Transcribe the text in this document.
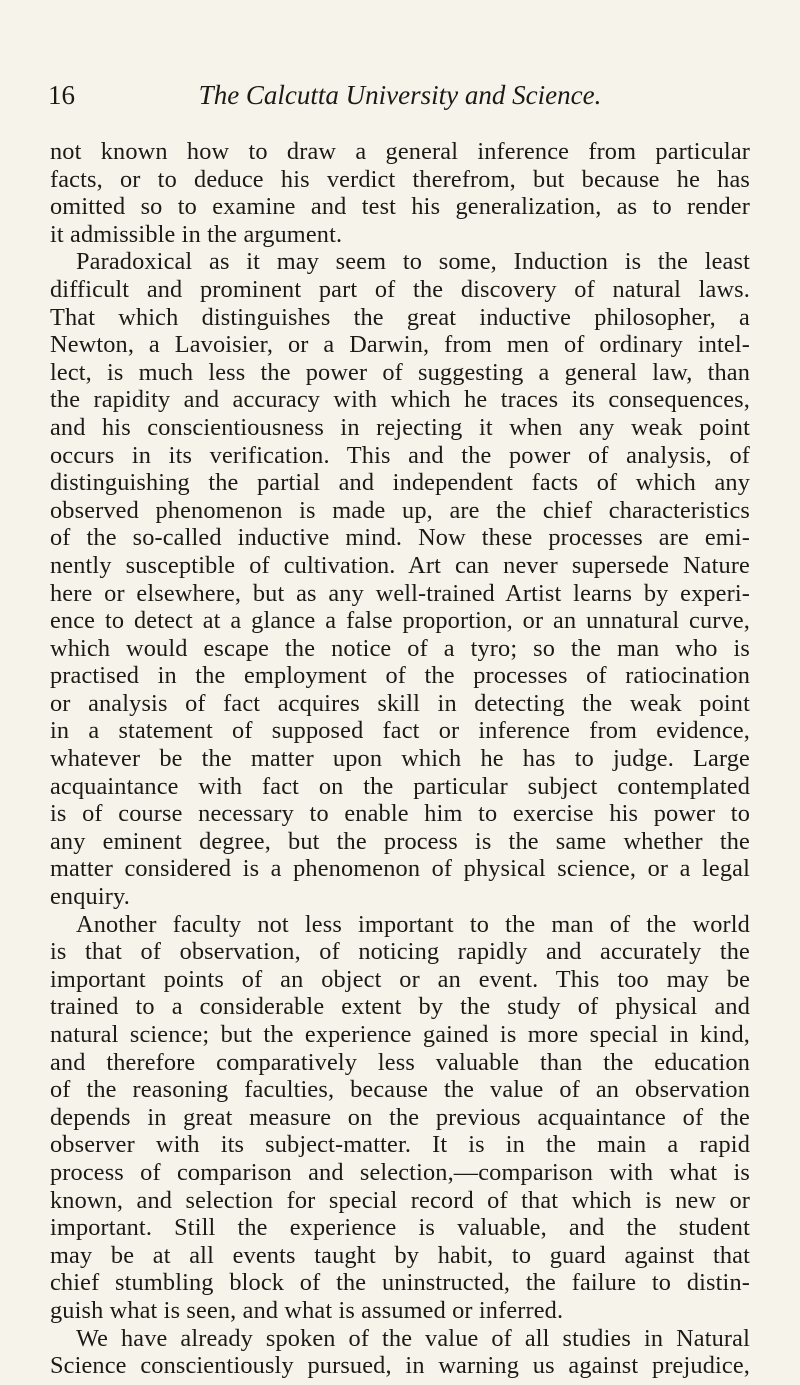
16	The Calcutta University and Science.
not known how to draw a general inference from particular
facts, or to deduce his verdict therefrom, but because he has
omitted so to examine and test his generalization, as to render
it admissible in the argument.
Paradoxical as it may seem to some, Induction is the least
difficult and prominent part of the discovery of natural laws.
That which distinguishes the great inductive philosopher, a
Newton, a Lavoisier, or a Darwin, from men of ordinary intel-
lect, is much less the power of suggesting a general law, than
the rapidity and accuracy with which he traces its consequences,
and his conscientiousness in rejecting it when any weak point
occurs in its verification. This and the power of analysis, of
distinguishing the partial and independent facts of which any
observed phenomenon is made up, are the chief characteristics
of the so-called inductive mind. Now these processes are emi-
nently susceptible of cultivation. Art can never supersede Nature
here or elsewhere, but as any well-trained Artist learns by experi-
ence to detect at a glance a false proportion, or an unnatural curve,
which would escape the notice of a tyro; so the man who is
practised in the employment of the processes of ratiocination
or analysis of fact acquires skill in detecting the weak point
in a statement of supposed fact or inference from evidence,
whatever be the matter upon which he has to judge. Large
acquaintance with fact on the particular subject contemplated
is of course necessary to enable him to exercise his power to
any eminent degree, but the process is the same whether the
matter considered is a phenomenon of physical science, or a legal
enquiry.
Another faculty not less important to the man of the world
is that of observation, of noticing rapidly and accurately the
important points of an object or an event. This too may be
trained to a considerable extent by the study of physical and
natural science; but the experience gained is more special in kind,
and therefore comparatively less valuable than the education
of the reasoning faculties, because the value of an observation
depends in great measure on the previous acquaintance of the
observer with its subject-matter. It is in the main a rapid
process of comparison and selection,—comparison with what is
known, and selection for special record of that which is new or
important. Still the experience is valuable, and the student
may be at all events taught by habit, to guard against that
chief stumbling block of the uninstructed, the failure to distin-
guish what is seen, and what is assumed or inferred.
We have already spoken of the value of all studies in Natural
Science conscientiously pursued, in warning us against prejudice,
